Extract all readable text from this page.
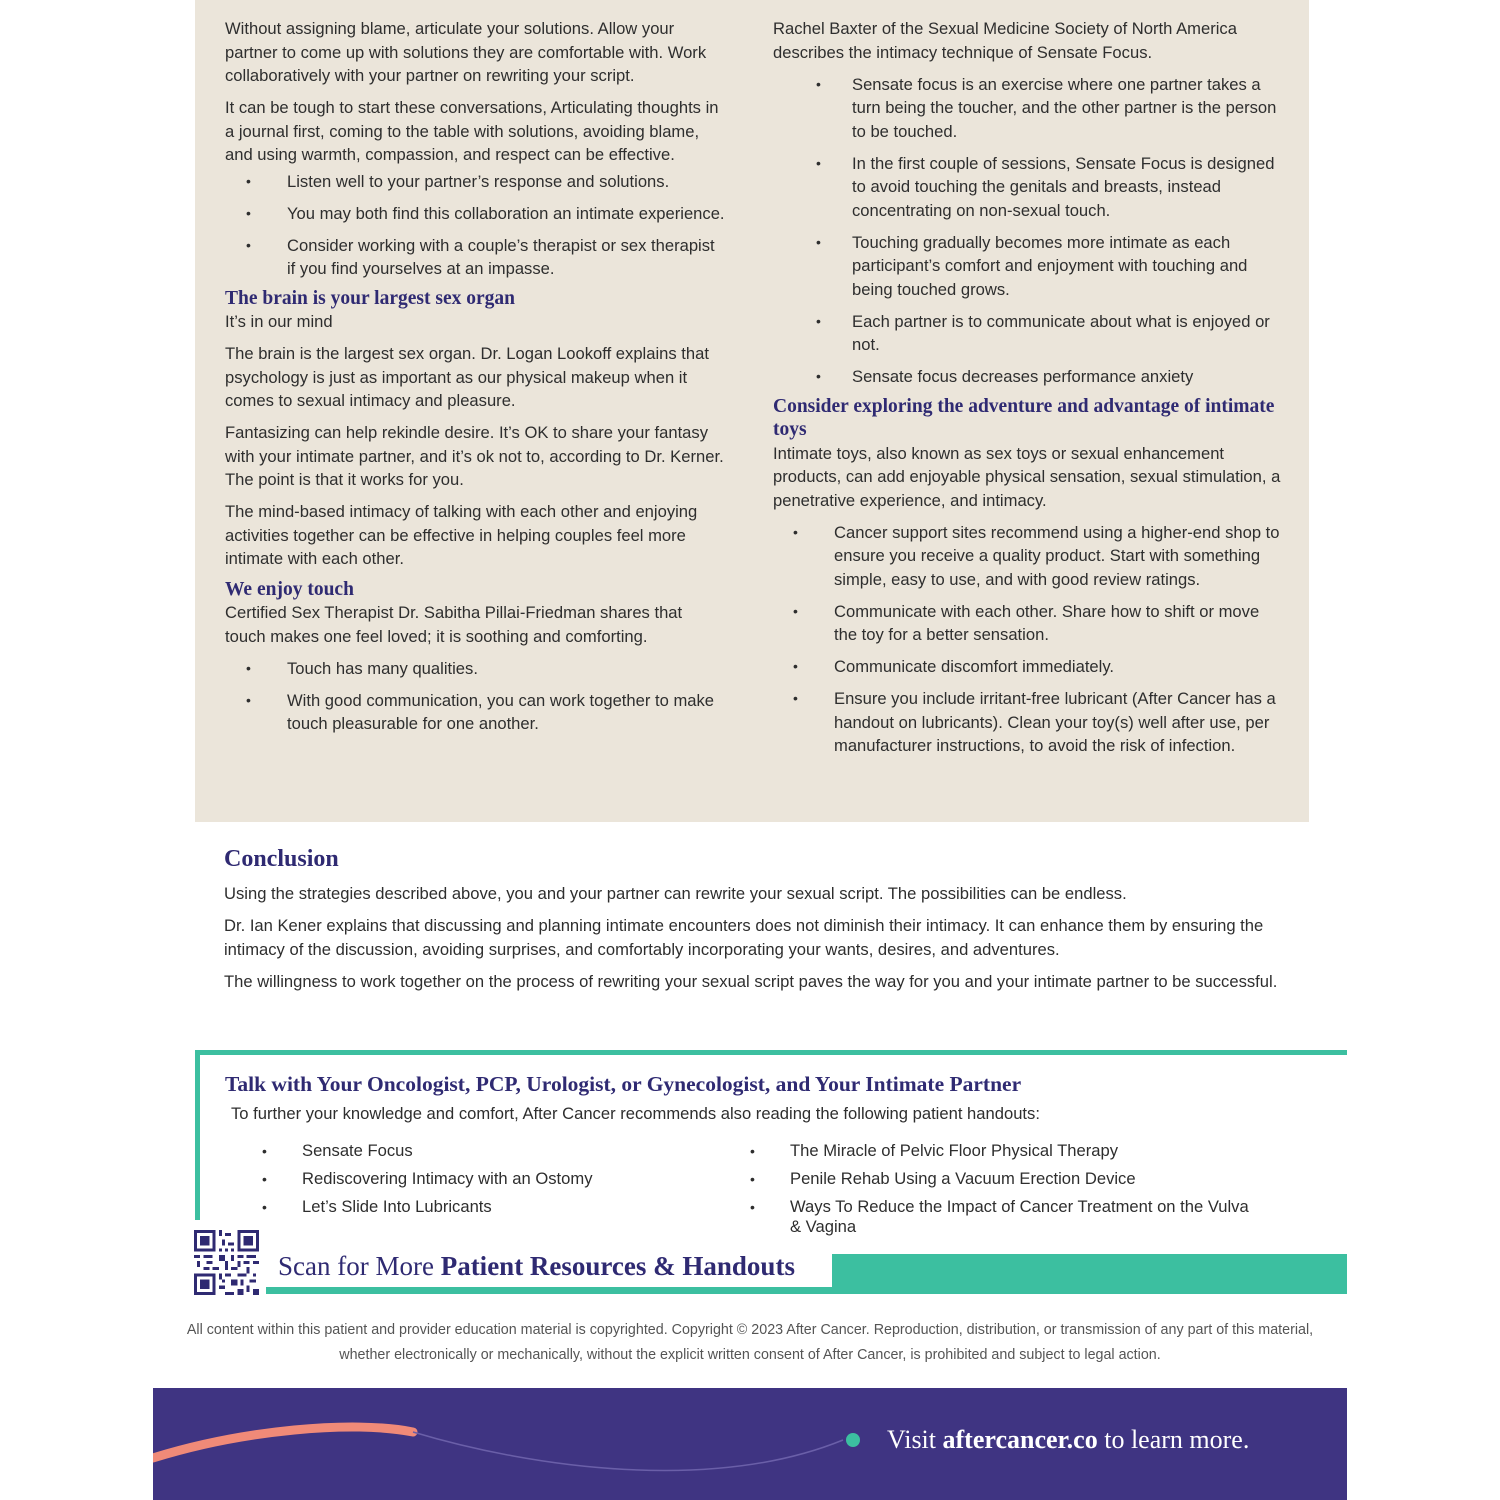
Without assigning blame, articulate your solutions. Allow your partner to come up with solutions they are comfortable with. Work collaboratively with your partner on rewriting your script.

It can be tough to start these conversations, Articulating thoughts in a journal first, coming to the table with solutions, avoiding blame, and using warmth, compassion, and respect can be effective.

• Listen well to your partner’s response and solutions.
• You may both find this collaboration an intimate experience.
• Consider working with a couple’s therapist or sex therapist if you find yourselves at an impasse.
The brain is your largest sex organ

It’s in our mind

The brain is the largest sex organ. Dr. Logan Lookoff explains that psychology is just as important as our physical makeup when it comes to sexual intimacy and pleasure.

Fantasizing can help rekindle desire. It’s OK to share your fantasy with your intimate partner, and it’s ok not to, according to Dr. Kerner. The point is that it works for you.

The mind-based intimacy of talking with each other and enjoying activities together can be effective in helping couples feel more intimate with each other.

We enjoy touch

Certified Sex Therapist Dr. Sabitha Pillai-Friedman shares that touch makes one feel loved; it is soothing and comforting.

• Touch has many qualities.
• With good communication, you can work together to make touch pleasurable for one another.

Rachel Baxter of the Sexual Medicine Society of North America describes the intimacy technique of Sensate Focus.

• Sensate focus is an exercise where one partner takes a turn being the toucher, and the other partner is the person to be touched.
• In the first couple of sessions, Sensate Focus is designed to avoid touching the genitals and breasts, instead concentrating on non-sexual touch.
• Touching gradually becomes more intimate as each participant’s comfort and enjoyment with touching and being touched grows.
• Each partner is to communicate about what is enjoyed or not.
• Sensate focus decreases performance anxiety
Consider exploring the adventure and advantage of intimate toys

Intimate toys, also known as sex toys or sexual enhancement products, can add enjoyable physical sensation, sexual stimulation, a penetrative experience, and intimacy.

• Cancer support sites recommend using a higher-end shop to ensure you receive a quality product. Start with something simple, easy to use, and with good review ratings.
• Communicate with each other. Share how to shift or move the toy for a better sensation.
• Communicate discomfort immediately.
• Ensure you include irritant-free lubricant (After Cancer has a handout on lubricants). Clean your toy(s) well after use, per manufacturer instructions, to avoid the risk of infection.
Conclusion

Using the strategies described above, you and your partner can rewrite your sexual script. The possibilities can be endless.

Dr. Ian Kener explains that discussing and planning intimate encounters does not diminish their intimacy. It can enhance them by ensuring the intimacy of the discussion, avoiding surprises, and comfortably incorporating your wants, desires, and adventures.

The willingness to work together on the process of rewriting your sexual script paves the way for you and your intimate partner to be successful.

Talk with Your Oncologist, PCP, Urologist, or Gynecologist, and Your Intimate Partner
To further your knowledge and comfort, After Cancer recommends also reading the following patient handouts:
• Sensate Focus
• Rediscovering Intimacy with an Ostomy
• Let’s Slide Into Lubricants
• The Miracle of Pelvic Floor Physical Therapy
• Penile Rehab Using a Vacuum Erection Device
• Ways To Reduce the Impact of Cancer Treatment on the Vulva & Vagina
Scan for More Patient Resources & Handouts
All content within this patient and provider education material is copyrighted. Copyright © 2023 After Cancer. Reproduction, distribution, or transmission of any part of this material, whether electronically or mechanically, without the explicit written consent of After Cancer, is prohibited and subject to legal action.
Visit aftercancer.co to learn more.
